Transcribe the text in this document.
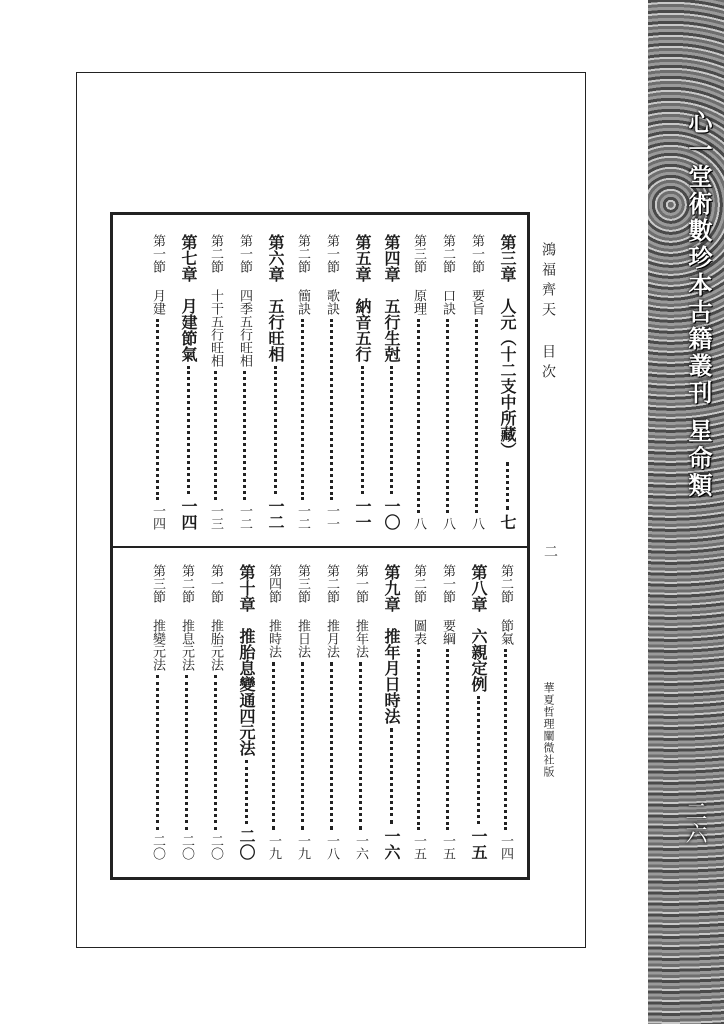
心一堂術數珍本古籍叢刊 星命類
二六
鴻福齊天 目次
二
華夏哲理闡微社版
第三章
人元（十二支中所藏）
七
第一節
要旨
八
第二節
口訣
八
第三節
原理
八
第四章
五行生尅
一〇
第五章
納音五行
一一
第一節
歌訣
一一
第二節
簡訣
一二
第六章
五行旺相
一二
第一節
四季五行旺相
一二
第二節
十干五行旺相
一三
第七章
月建節氣
一四
第一節
月建
一四
第二節
節氣
一四
第八章
六親定例
一五
第一節
要綱
一五
第二節
圖表
一五
第九章
推年月日時法
一六
第一節
推年法
一六
第二節
推月法
一八
第三節
推日法
一九
第四節
推時法
一九
第十章
推胎息變通四元法
二〇
第一節
推胎元法
二〇
第二節
推息元法
二〇
第三節
推變元法
二〇
